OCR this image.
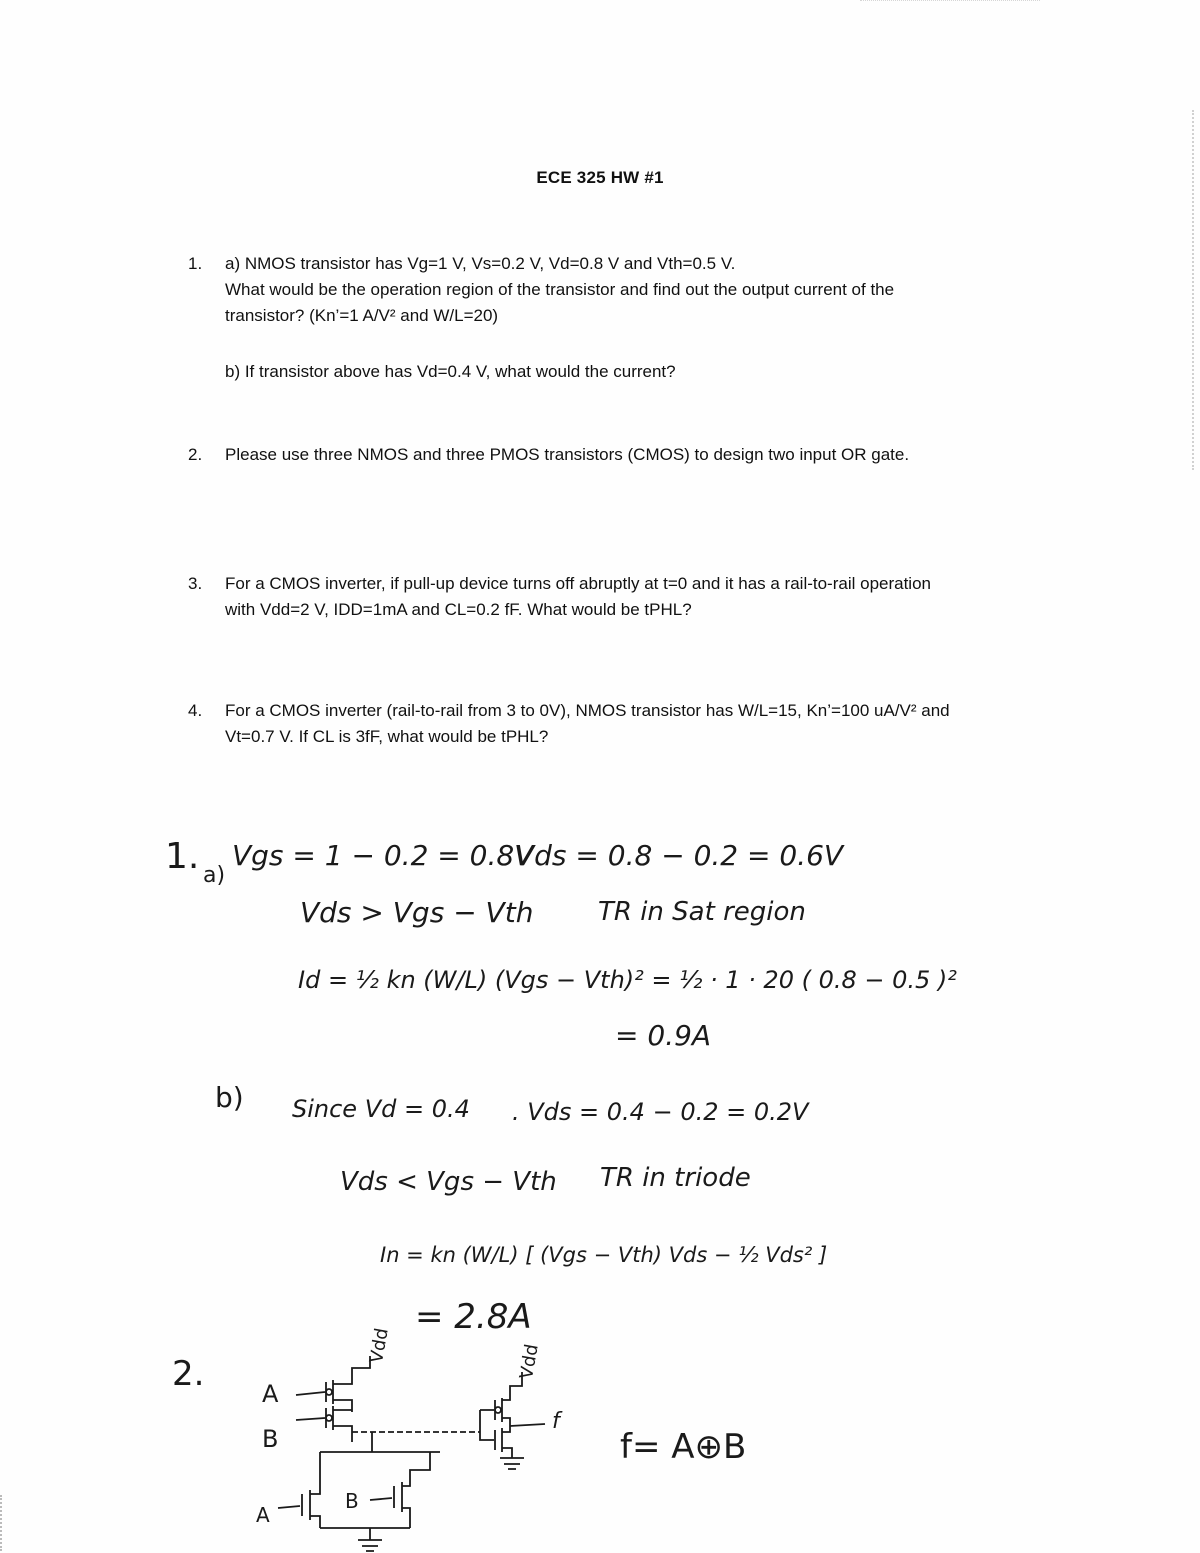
ECE 325 HW #1
1. a) NMOS transistor has Vg=1 V, Vs=0.2 V, Vd=0.8 V and Vth=0.5 V.

What would be the operation region of the transistor and find out the output current of the

transistor? (Kn’=1 A/V² and W/L=20)

b) If transistor above has Vd=0.4 V, what would the current?

2. Please use three NMOS and three PMOS transistors (CMOS) to design two input OR gate.

3. For a CMOS inverter, if pull-up device turns off abruptly at t=0 and it has a rail-to-rail operation

with Vdd=2 V, IDD=1mA and CL=0.2 fF. What would be tPHL?

4. For a CMOS inverter (rail-to-rail from 3 to 0V), NMOS transistor has W/L=15, Kn’=100 uA/V² and

Vt=0.7 V. If CL is 3fF, what would be tPHL?

1. a)
Vgs = 1 − 0.2 = 0.8V
Vds = 0.8 − 0.2 = 0.6V
Vds > Vgs − Vth TR in Sat region
Id = ½ kn (W/L) (Vgs − Vth)² = ½ · 1 · 20 ( 0.8 − 0.5 )²
= 0.9A
b) Since Vd = 0.4 . Vds = 0.4 − 0.2 = 0.2V
Vds < Vgs − Vth TR in triode
In = kn (W/L) [ (Vgs − Vth) Vds − ½ Vds² ]
= 2.8A
2.
Vdd	Vdd
A
B
A
B
f
f= A⊕B
